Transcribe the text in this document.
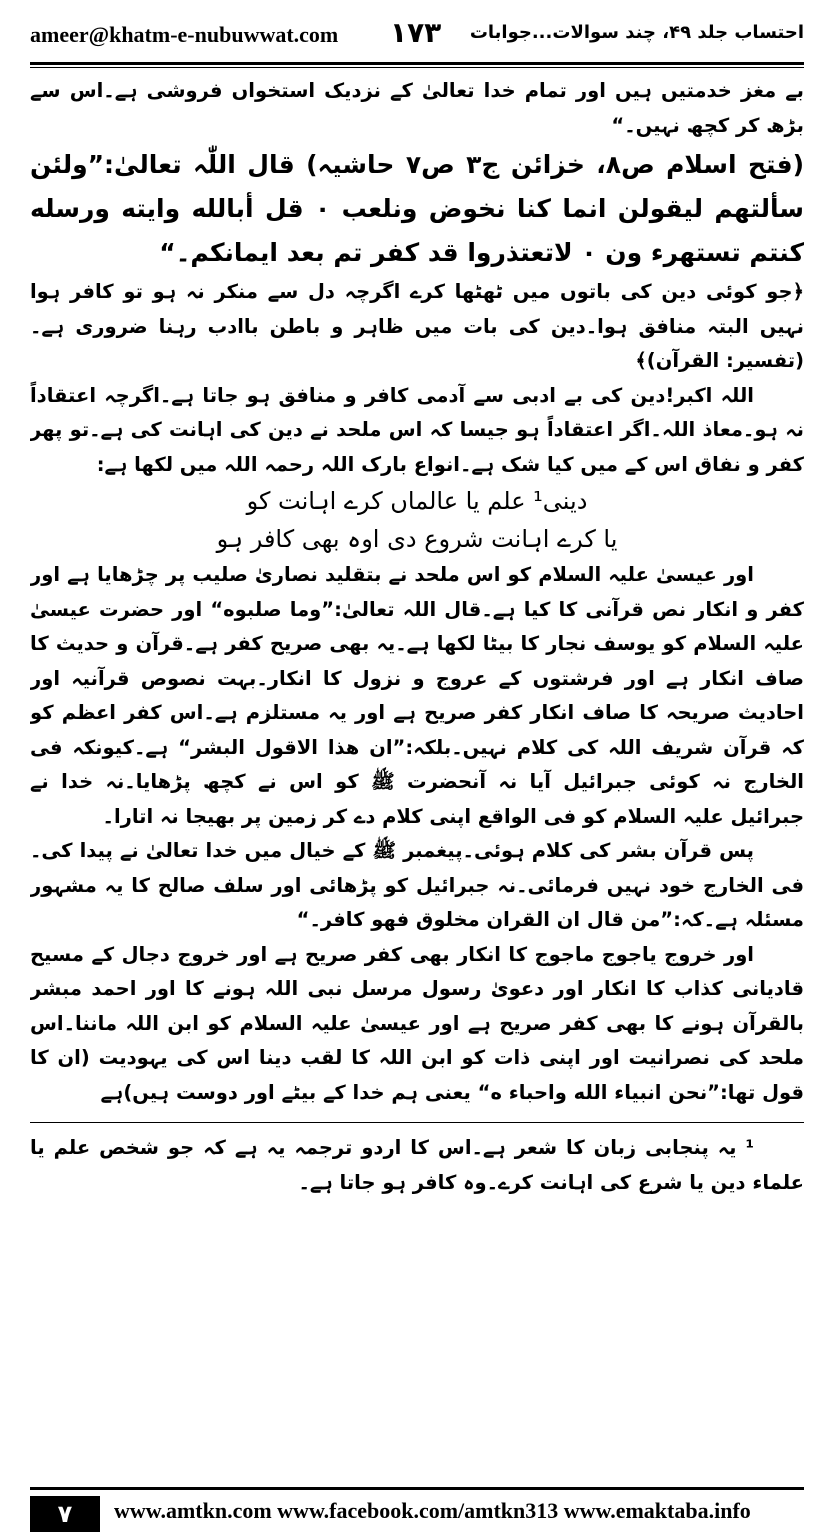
ameer@khatm-e-nubuwwat.com ۱۷۳ احتساب جلد ۴۹، چند سوالات...جوابات

بے مغز خدمتیں ہیں اور تمام خدا تعالیٰ کے نزدیک استخواں فروشی ہے۔اس سے بڑھ کر کچھ نہیں۔“

(فتح اسلام ص۸، خزائن ج۳ ص۷ حاشیہ) قال اللّٰہ تعالیٰ:”ولئن سألتهم ليقولن انما كنا نخوض ونلعب ۰ قل أبالله وايته ورسله كنتم تستهرء ون ۰ لاتعتذروا قد كفر تم بعد ايمانكم۔“

﴿جو کوئی دین کی باتوں میں ٹھٹھا کرے اگرچہ دل سے منکر نہ ہو تو کافر ہوا نہیں البتہ منافق ہوا۔دین کی بات میں ظاہر و باطن باادب رہنا ضروری ہے۔(تفسیر: القرآن)﴾

اللہ اکبر!دین کی بے ادبی سے آدمی کافر و منافق ہو جاتا ہے۔اگرچہ اعتقاداً نہ ہو۔معاذ اللہ۔اگر اعتقاداً ہو جیسا کہ اس ملحد نے دین کی اہانت کی ہے۔تو پھر کفر و نفاق اس کے میں کیا شک ہے۔انواع بارک اللہ رحمہ اللہ میں لکھا ہے:

دینی¹ علم یا عالماں کرے اہانت کو
یا کرے اہانت شروع دی اوہ بھی کافر ہو

اور عیسیٰ علیہ السلام کو اس ملحد نے بتقلید نصاریٰ صلیب پر چڑھایا ہے اور کفر و انکار نص قرآنی کا کیا ہے۔قال اللہ تعالیٰ:”وما صلبوه“ اور حضرت عیسیٰ علیہ السلام کو یوسف نجار کا بیٹا لکھا ہے۔یہ بھی صریح کفر ہے۔قرآن و حدیث کا صاف انکار ہے اور فرشتوں کے عروج و نزول کا انکار۔بہت نصوص قرآنیہ اور احادیث صریحہ کا صاف انکار کفر صریح ہے اور یہ مستلزم ہے۔اس کفر اعظم کو کہ قرآن شریف اللہ کی کلام نہیں۔بلکہ:”ان هذا الاقول البشر“ ہے۔کیونکہ فی الخارج نہ کوئی جبرائیل آیا نہ آنحضرت ﷺ کو اس نے کچھ پڑھایا۔نہ خدا نے جبرائیل علیہ السلام کو فی الواقع اپنی کلام دے کر زمین پر بھیجا نہ اتارا۔

پس قرآن بشر کی کلام ہوئی۔پیغمبر ﷺ کے خیال میں خدا تعالیٰ نے پیدا کی۔فی الخارج خود نہیں فرمائی۔نہ جبرائیل کو پڑھائی اور سلف صالح کا یہ مشہور مسئلہ ہے۔کہ:”من قال ان القران مخلوق فهو كافر۔“

اور خروج یاجوج ماجوج کا انکار بھی کفر صریح ہے اور خروج دجال کے مسیح قادیانی کذاب کا انکار اور دعویٰ رسول مرسل نبی اللہ ہونے کا اور احمد مبشر بالقرآن ہونے کا بھی کفر صریح ہے اور عیسیٰ علیہ السلام کو ابن اللہ ماننا۔اس ملحد کی نصرانیت اور اپنی ذات کو ابن اللہ کا لقب دینا اس کی یہودیت (ان کا قول تھا:”نحن انبياء الله واحباء ه“ یعنی ہم خدا کے بیٹے اور دوست ہیں)ہے

¹ یہ پنجابی زبان کا شعر ہے۔اس کا اردو ترجمہ یہ ہے کہ جو شخص علم یا علماء دین یا شرع کی اہانت کرے۔وہ کافر ہو جاتا ہے۔

۷	www.amtkn.com www.facebook.com/amtkn313 www.emaktaba.info
